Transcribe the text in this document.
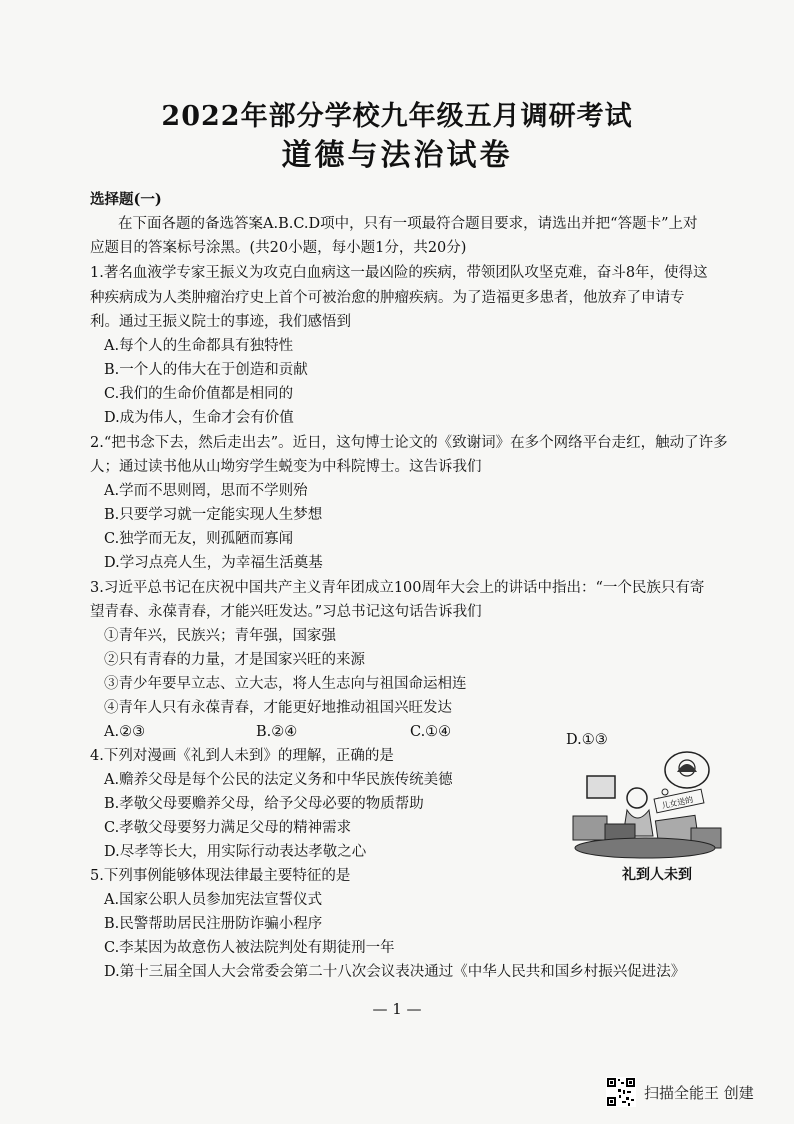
2022年部分学校九年级五月调研考试
道德与法治试卷
选择题(一)
在下面各题的备选答案A.B.C.D项中，只有一项最符合题目要求，请选出并把“答题卡”上对
应题目的答案标号涂黑。(共20小题，每小题1分，共20分)
1.著名血液学专家王振义为攻克白血病这一最凶险的疾病，带领团队攻坚克难，奋斗8年，使得这
种疾病成为人类肿瘤治疗史上首个可被治愈的肿瘤疾病。为了造福更多患者，他放弃了申请专
利。通过王振义院士的事迹，我们感悟到
A.每个人的生命都具有独特性
B.一个人的伟大在于创造和贡献
C.我们的生命价值都是相同的
D.成为伟人，生命才会有价值
2.“把书念下去，然后走出去”。近日，这句博士论文的《致谢词》在多个网络平台走红，触动了许多
人；通过读书他从山坳穷学生蜕变为中科院博士。这告诉我们
A.学而不思则罔，思而不学则殆
B.只要学习就一定能实现人生梦想
C.独学而无友，则孤陋而寡闻
D.学习点亮人生，为幸福生活奠基
3.习近平总书记在庆祝中国共产主义青年团成立100周年大会上的讲话中指出：“一个民族只有寄
望青春、永葆青春，才能兴旺发达。”习总书记这句话告诉我们
①青年兴，民族兴；青年强，国家强
②只有青春的力量，才是国家兴旺的来源
③青少年要早立志、立大志，将人生志向与祖国命运相连
④青年人只有永葆青春，才能更好地推动祖国兴旺发达
A.②③	B.②④	C.①④	D.①③
4.下列对漫画《礼到人未到》的理解，正确的是
A.赡养父母是每个公民的法定义务和中华民族传统美德
B.孝敬父母要赡养父母，给予父母必要的物质帮助
C.孝敬父母要努力满足父母的精神需求
D.尽孝等长大，用实际行动表达孝敬之心
儿女送的
礼到人未到
5.下列事例能够体现法律最主要特征的是
A.国家公职人员参加宪法宣誓仪式
B.民警帮助居民注册防诈骗小程序
C.李某因为故意伤人被法院判处有期徒刑一年
D.第十三届全国人大会常委会第二十八次会议表决通过《中华人民共和国乡村振兴促进法》
— 1 —
扫描全能王 创建
